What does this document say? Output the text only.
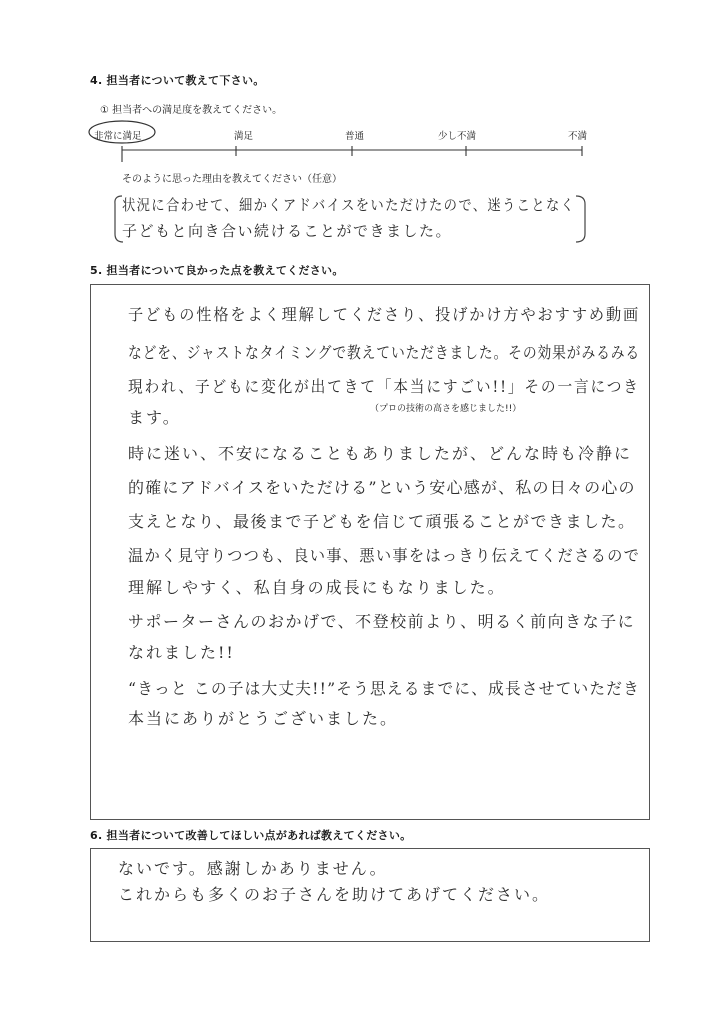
4. 担当者について教えて下さい。
① 担当者への満足度を教えてください。
非常に満足	満足	普通	少し不満	不満
そのように思った理由を教えてください（任意）
状況に合わせて、細かくアドバイスをいただけたので、迷うことなく
子どもと向き合い続けることができました。
5. 担当者について良かった点を教えてください。
子どもの性格をよく理解してくださり、投げかけ方やおすすめ動画
などを、ジャストなタイミングで教えていただきました。その効果がみるみる
現われ、子どもに変化が出てきて「本当にすごい!!」その一言につき
ます。	（プロの技術の高さを感じました!!）
時に迷い、不安になることもありましたが、どんな時も冷静に
的確にアドバイスをいただける”という安心感が、私の日々の心の
支えとなり、最後まで子どもを信じて頑張ることができました。
温かく見守りつつも、良い事、悪い事をはっきり伝えてくださるので
理解しやすく、私自身の成長にもなりました。
サポーターさんのおかげで、不登校前より、明るく前向きな子に
なれました!!
“きっと この子は大丈夫!!”そう思えるまでに、成長させていただき
本当にありがとうございました。
6. 担当者について改善してほしい点があれば教えてください。
ないです。感謝しかありません。
これからも多くのお子さんを助けてあげてください。
